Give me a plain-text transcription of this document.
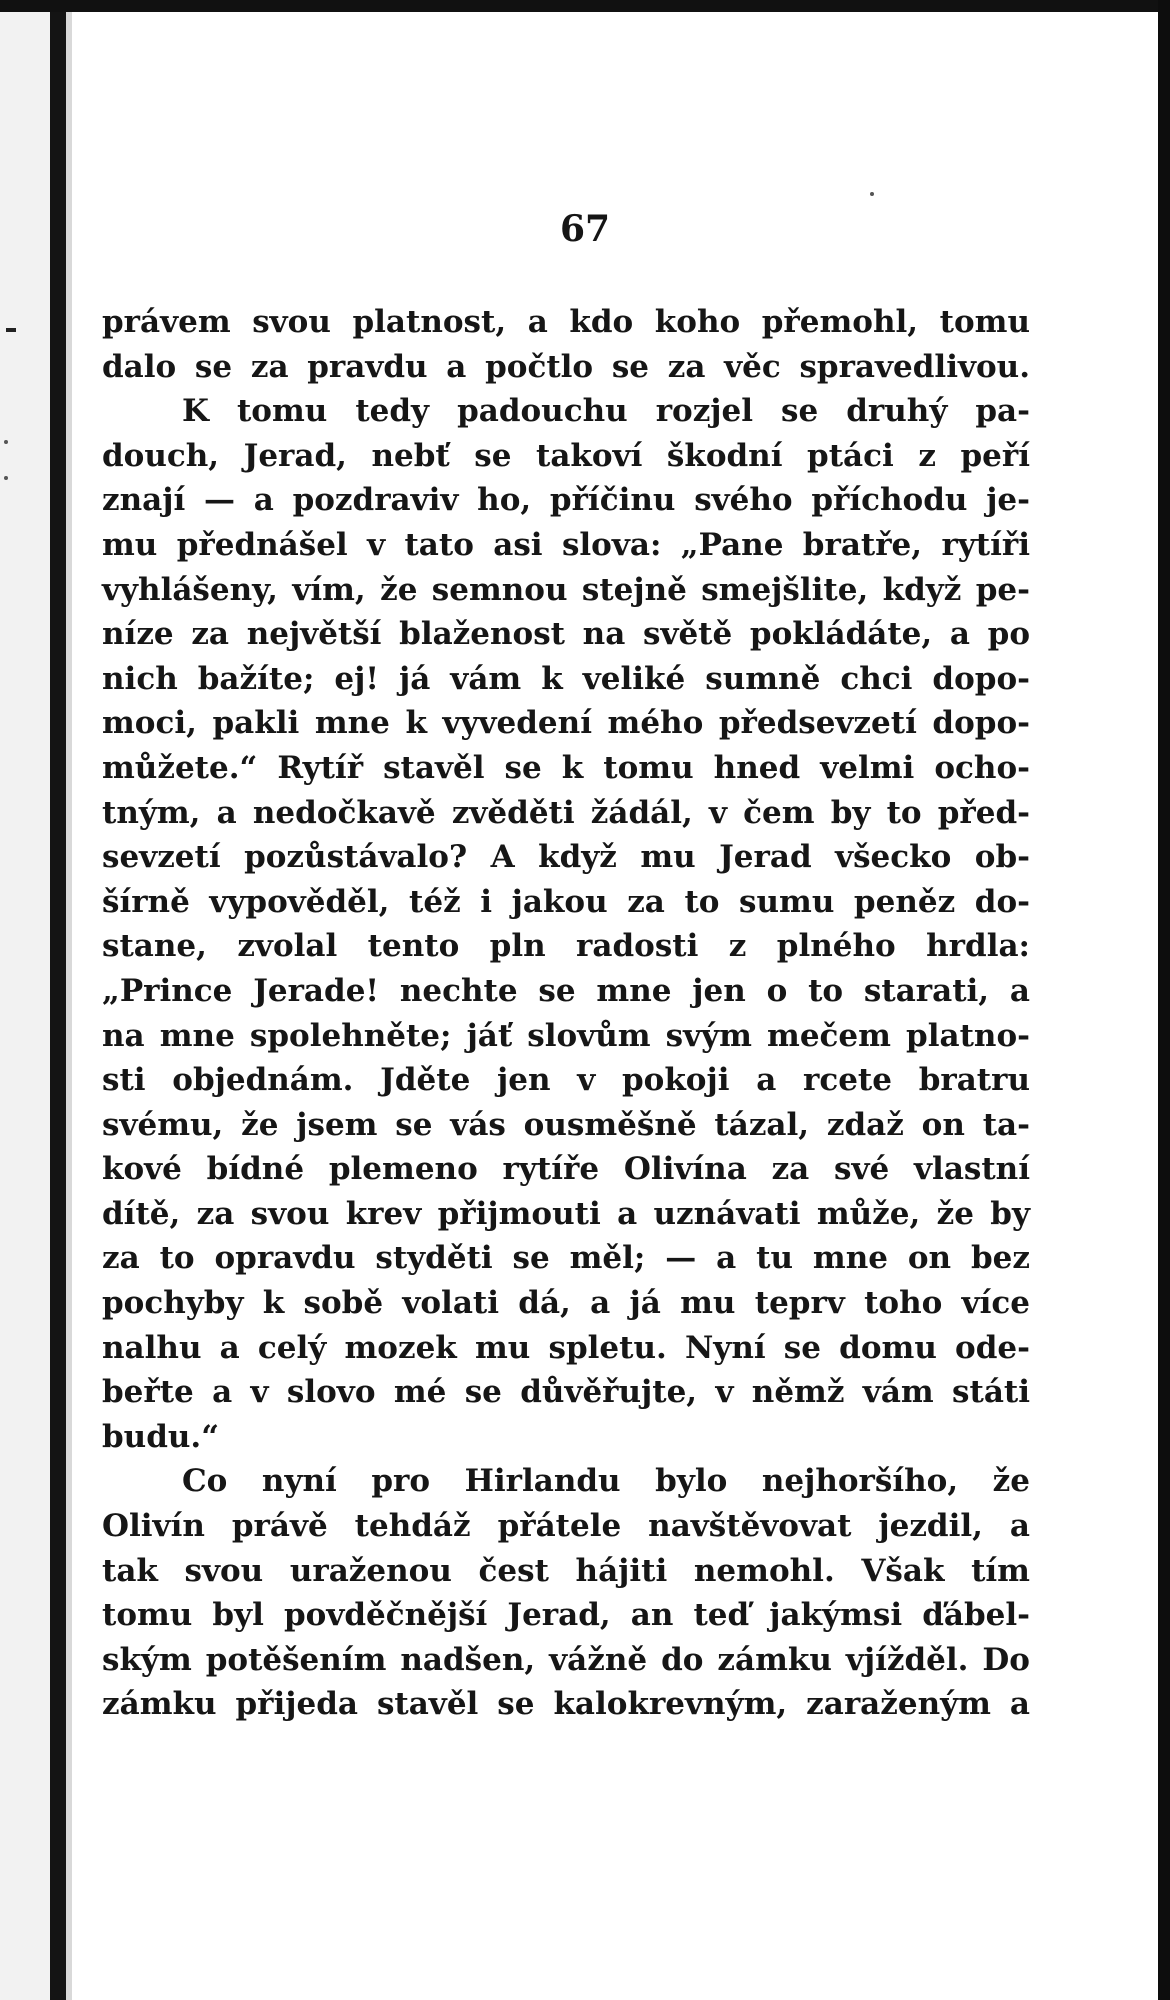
67
právem svou platnost, a kdo koho přemohl, tomu
dalo se za pravdu a počtlo se za věc spravedlivou.
K tomu tedy padouchu rozjel se druhý pa-
douch, Jerad, nebť se takoví škodní ptáci z peří
znají — a pozdraviv ho, příčinu svého příchodu je-
mu přednášel v tato asi slova: „Pane bratře, rytíři
vyhlášeny, vím, že semnou stejně smejšlite, když pe-
níze za největší blaženost na světě pokládáte, a po
nich bažíte; ej! já vám k veliké sumně chci dopo-
moci, pakli mne k vyvedení mého předsevzetí dopo-
můžete.“ Rytíř stavěl se k tomu hned velmi ocho-
tným, a nedočkavě zvěděti žádál, v čem by to před-
sevzetí pozůstávalo? A když mu Jerad všecko ob-
šírně vypověděl, též i jakou za to sumu peněz do-
stane, zvolal tento pln radosti z plného hrdla:
„Prince Jerade! nechte se mne jen o to starati, a
na mne spolehněte; jáť slovům svým mečem platno-
sti objednám. Jděte jen v pokoji a rcete bratru
svému, že jsem se vás ousměšně tázal, zdaž on ta-
kové bídné plemeno rytíře Olivína za své vlastní
dítě, za svou krev přijmouti a uznávati může, že by
za to opravdu styděti se měl; — a tu mne on bez
pochyby k sobě volati dá, a já mu teprv toho více
nalhu a celý mozek mu spletu. Nyní se domu ode-
beřte a v slovo mé se důvěřujte, v němž vám státi
budu.“
Co nyní pro Hirlandu bylo nejhoršího, že
Olivín právě tehdáž přátele navštěvovat jezdil, a
tak svou uraženou čest hájiti nemohl. Však tím
tomu byl povděčnější Jerad, an teď jakýmsi ďábel-
ským potěšením nadšen, vážně do zámku vjížděl. Do
zámku přijeda stavěl se kalokrevným, zaraženým a
